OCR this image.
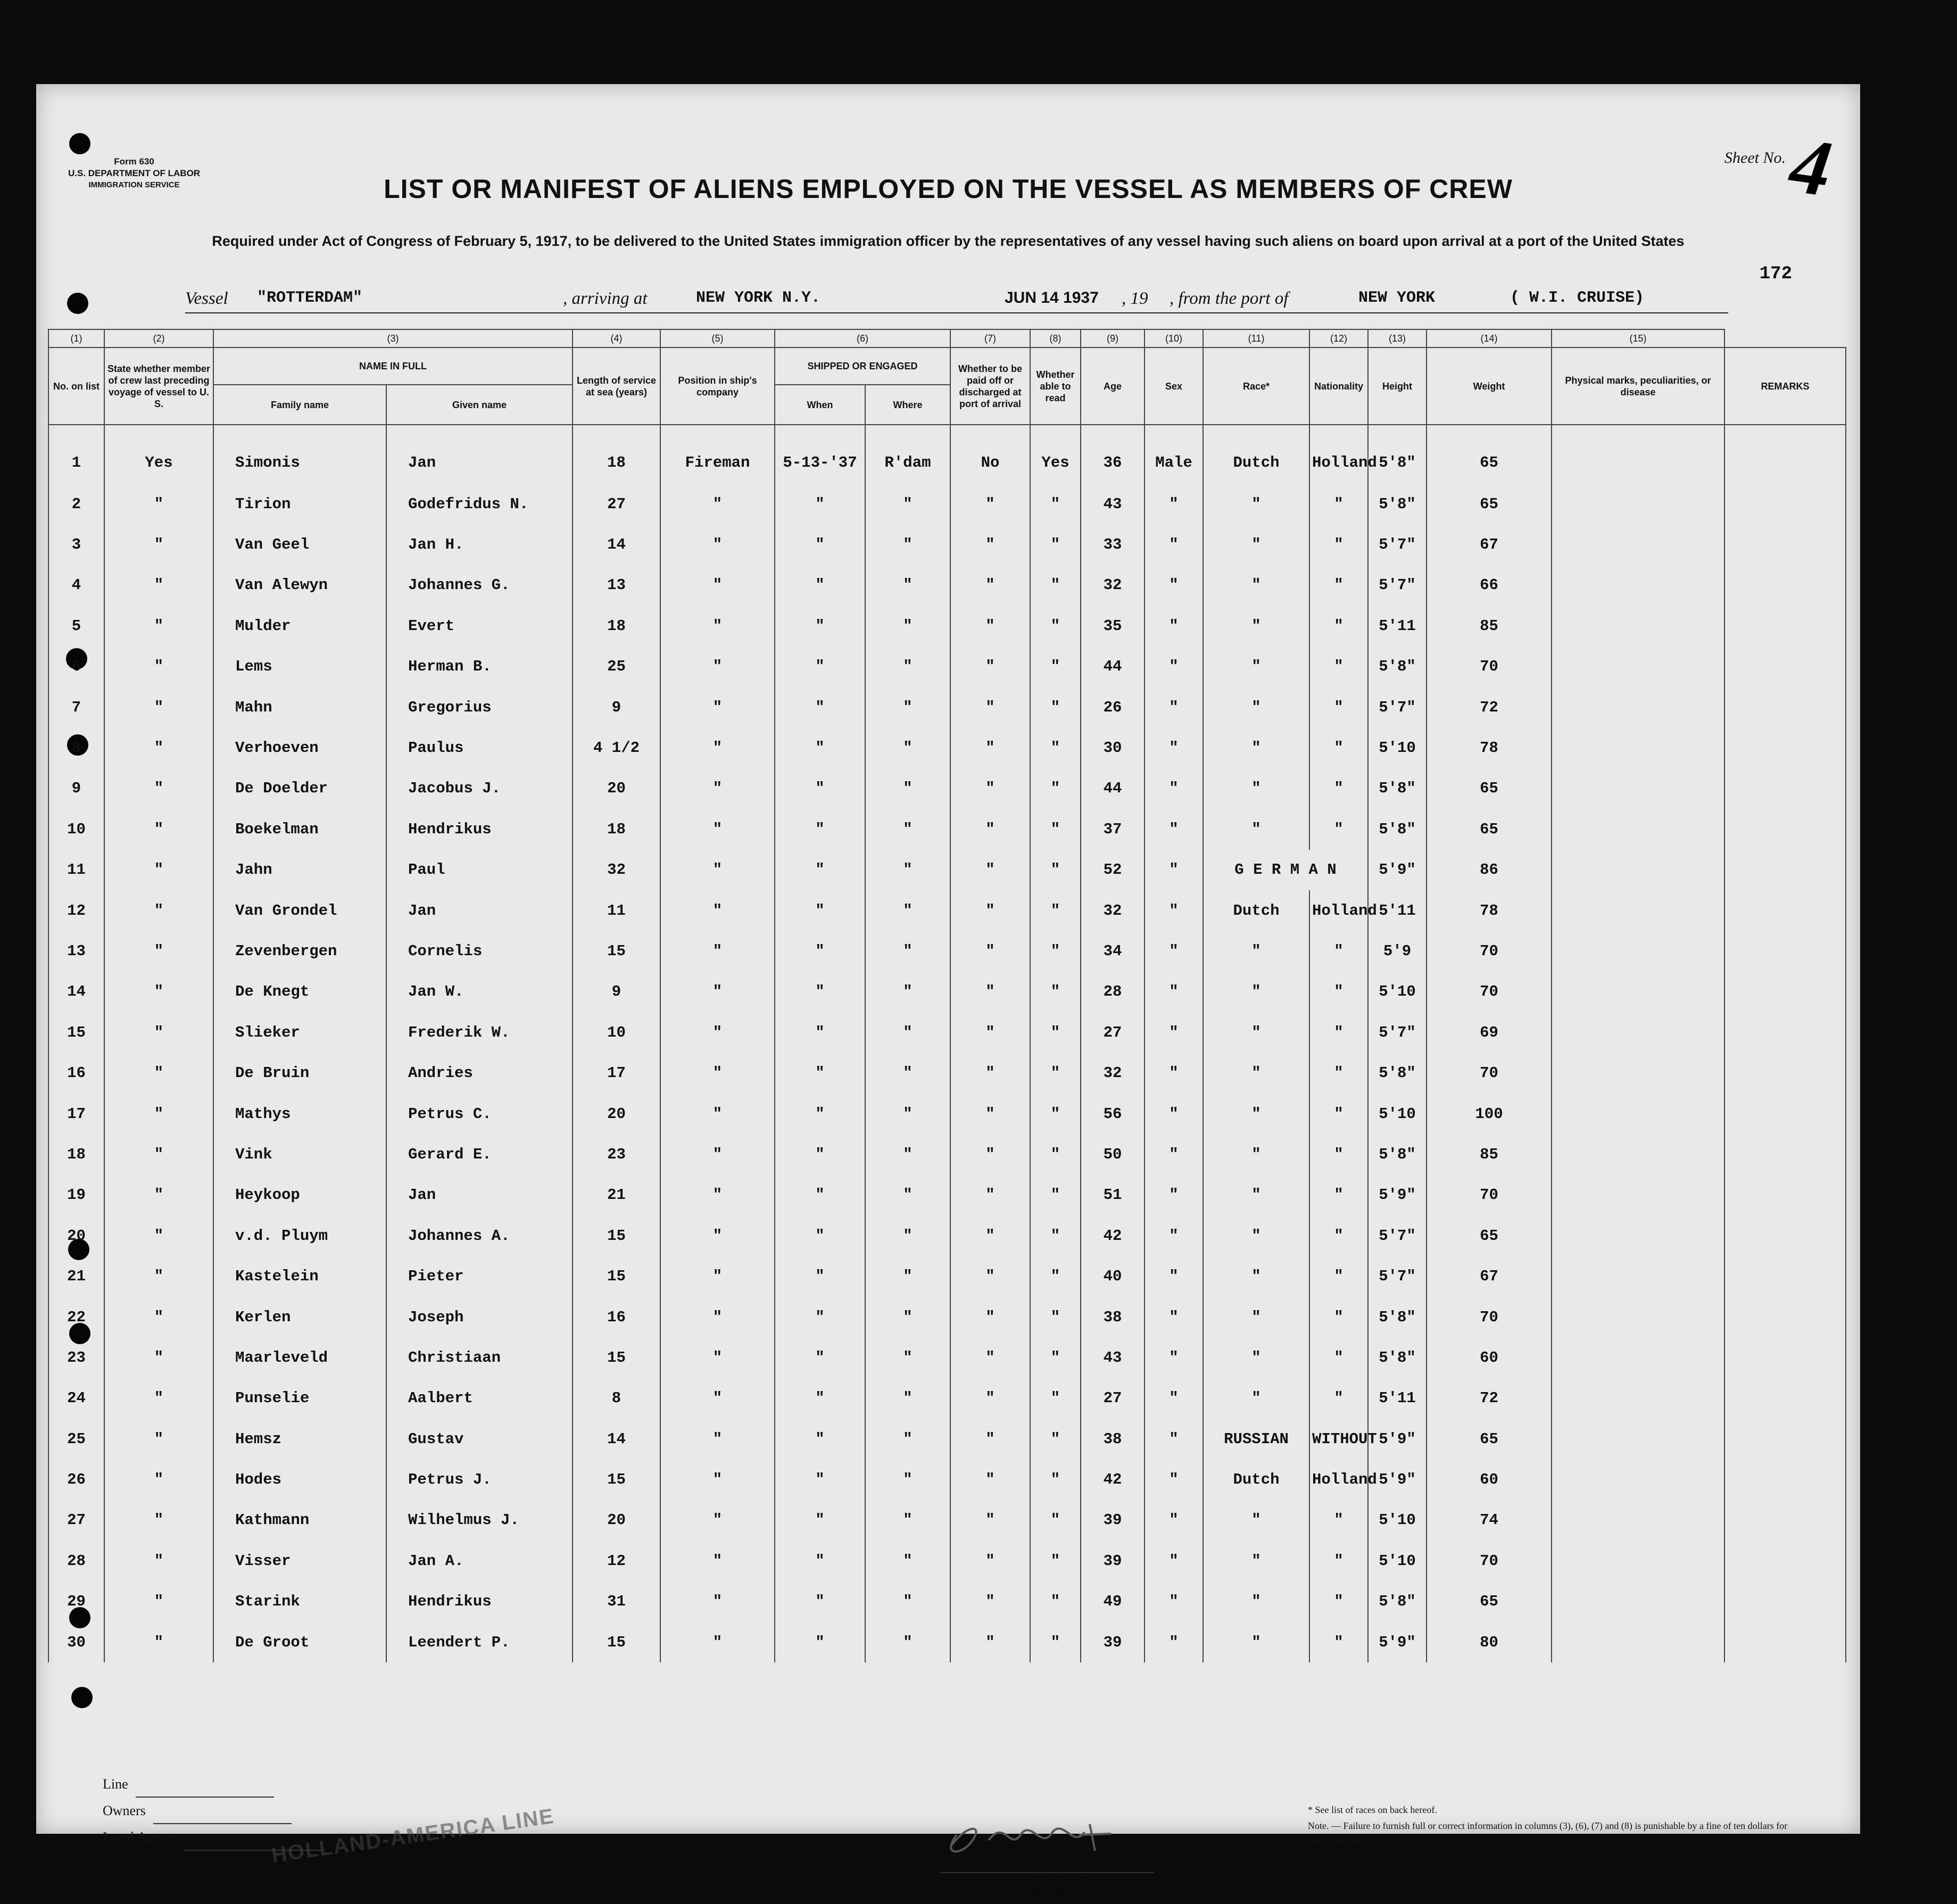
Form 630
U.S. DEPARTMENT OF LABOR
IMMIGRATION SERVICE
Sheet No.
4
LIST OR MANIFEST OF ALIENS EMPLOYED ON THE VESSEL AS MEMBERS OF CREW
Required under Act of Congress of February 5, 1917, to be delivered to the United States immigration officer by the representatives of any vessel having such aliens on board upon arrival at a port of the United States
172
Vessel "ROTTERDAM"	, arriving at	NEW YORK N.Y.	JUN 14 1937 , 19 , from the port of	NEW YORK	( W.I. CRUISE)
(1)	(2)	(3)		(4)	(5)	(6)		(7)	(8)	(9)	(10)	(11)	(12)	(13)	(14)	(15)	
No. on list	State whether member of crew last preceding voyage of vessel to U. S.	NAME IN FULL		Length of service at sea (years)	Position in ship's company	SHIPPED OR ENGAGED		Whether to be paid off or discharged at port of arrival	Whether able to read	Age	Sex	Race*	Nationality	Height	Weight	Physical marks, peculiarities, or disease	REMARKS
		Family name	Given name			When	Where										
1	Yes	Simonis	Jan	18	Fireman	5-13-'37	R'dam	No	Yes	36	Male	Dutch	Holland	5'8"	65		
2	"	Tirion	Godefridus N.	27	"	"	"	"	"	43	"	"	"	5'8"	65		
3	"	Van Geel	Jan H.	14	"	"	"	"	"	33	"	"	"	5'7"	67		
4	"	Van Alewyn	Johannes G.	13	"	"	"	"	"	32	"	"	"	5'7"	66		
5	"	Mulder	Evert	18	"	"	"	"	"	35	"	"	"	5'11	85		
6	"	Lems	Herman B.	25	"	"	"	"	"	44	"	"	"	5'8"	70		
7	"	Mahn	Gregorius	9	"	"	"	"	"	26	"	"	"	5'7"	72		
8	"	Verhoeven	Paulus	4 1/2	"	"	"	"	"	30	"	"	"	5'10	78		
9	"	De Doelder	Jacobus J.	20	"	"	"	"	"	44	"	"	"	5'8"	65		
10	"	Boekelman	Hendrikus	18	"	"	"	"	"	37	"	"	"	5'8"	65		
11	"	Jahn	Paul	32	"	"	"	"	"	52	"	G E R M A N		5'9"	86		
12	"	Van Grondel	Jan	11	"	"	"	"	"	32	"	Dutch	Holland	5'11	78		
13	"	Zevenbergen	Cornelis	15	"	"	"	"	"	34	"	"	"	5'9	70		
14	"	De Knegt	Jan W.	9	"	"	"	"	"	28	"	"	"	5'10	70		
15	"	Slieker	Frederik W.	10	"	"	"	"	"	27	"	"	"	5'7"	69		
16	"	De Bruin	Andries	17	"	"	"	"	"	32	"	"	"	5'8"	70		
17	"	Mathys	Petrus C.	20	"	"	"	"	"	56	"	"	"	5'10	100		
18	"	Vink	Gerard E.	23	"	"	"	"	"	50	"	"	"	5'8"	85		
19	"	Heykoop	Jan	21	"	"	"	"	"	51	"	"	"	5'9"	70		
20	"	v.d. Pluym	Johannes A.	15	"	"	"	"	"	42	"	"	"	5'7"	65		
21	"	Kastelein	Pieter	15	"	"	"	"	"	40	"	"	"	5'7"	67		
22	"	Kerlen	Joseph	16	"	"	"	"	"	38	"	"	"	5'8"	70		
23	"	Maarleveld	Christiaan	15	"	"	"	"	"	43	"	"	"	5'8"	60		
24	"	Punselie	Aalbert	8	"	"	"	"	"	27	"	"	"	5'11	72		
25	"	Hemsz	Gustav	14	"	"	"	"	"	38	"	RUSSIAN	WITHOUT	5'9"	65		
26	"	Hodes	Petrus J.	15	"	"	"	"	"	42	"	Dutch	Holland	5'9"	60		
27	"	Kathmann	Wilhelmus J.	20	"	"	"	"	"	39	"	"	"	5'10	74		
28	"	Visser	Jan A.	12	"	"	"	"	"	39	"	"	"	5'10	70		
29	"	Starink	Hendrikus	31	"	"	"	"	"	49	"	"	"	5'8"	65		
30	"	De Groot	Leendert P.	15	"	"	"	"	"	39	"	"	"	5'9"	80		
Line
Owners
Local Agents	HOLLAND-AMERICA LINE
Immigrant Inspector.
* See list of races on back hereof.
Note. — Failure to furnish full or correct information in columns (3), (6), (7) and (8) is punishable by a fine of ten dollars for each alien. See other side.
